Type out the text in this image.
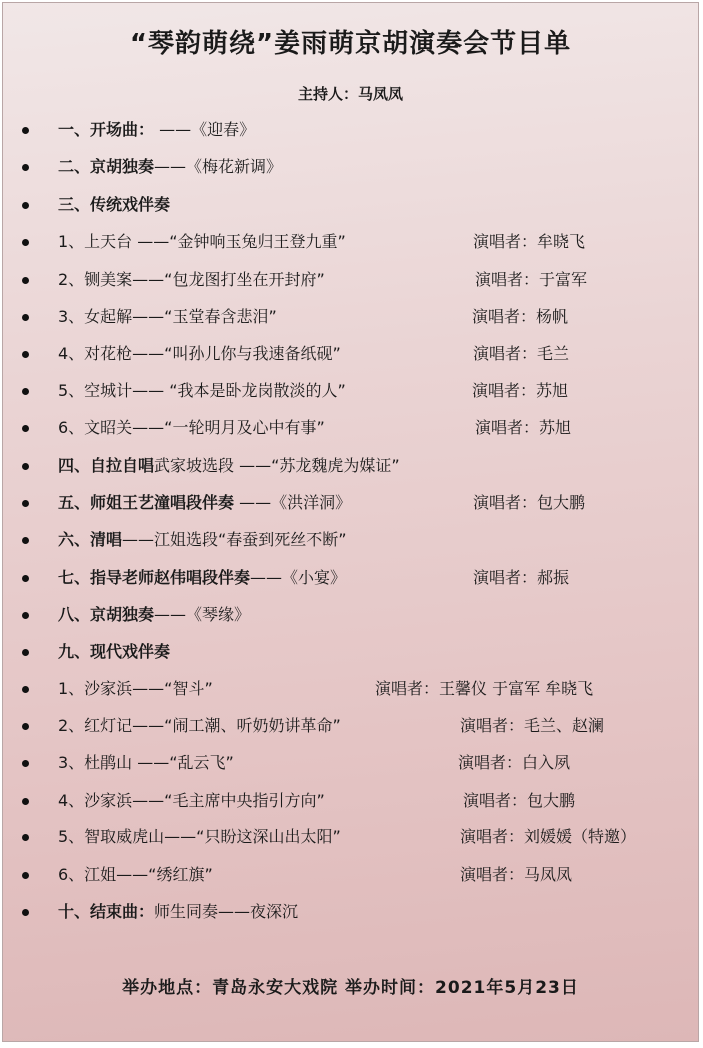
“琴韵萌绕”姜雨萌京胡演奏会节目单
主持人：马凤凤
一、开场曲： ——《迎春》
二、京胡独奏——《梅花新调》
三、传统戏伴奏
1、上天台 ——“金钟响玉兔归王登九重”	演唱者：牟晓飞
2、铡美案——“包龙图打坐在开封府”	演唱者：于富军
3、女起解——“玉堂春含悲泪”	演唱者：杨帆
4、对花枪——“叫孙儿你与我速备纸砚”	演唱者：毛兰
5、空城计—— “我本是卧龙岗散淡的人”	演唱者：苏旭
6、文昭关——“一轮明月及心中有事”	演唱者：苏旭
四、自拉自唱武家坡选段 ——“苏龙魏虎为媒证”
五、师姐王艺潼唱段伴奏 ——《洪洋洞》	演唱者：包大鹏
六、清唱——江姐选段“春蚕到死丝不断”
七、指导老师赵伟唱段伴奏——《小宴》	演唱者：郝振
八、京胡独奏——《琴缘》
九、现代戏伴奏
1、沙家浜——“智斗”	演唱者：王馨仪 于富军 牟晓飞
2、红灯记——“闹工潮、听奶奶讲革命”	演唱者：毛兰、赵澜
3、杜鹃山 ——“乱云飞”	演唱者：白入夙
4、沙家浜——“毛主席中央指引方向”	演唱者：包大鹏
5、智取威虎山——“只盼这深山出太阳”	演唱者：刘媛媛（特邀）
6、江姐——“绣红旗”	演唱者：马凤凤
十、结束曲：师生同奏——夜深沉
举办地点：青岛永安大戏院 举办时间：2021年5月23日
